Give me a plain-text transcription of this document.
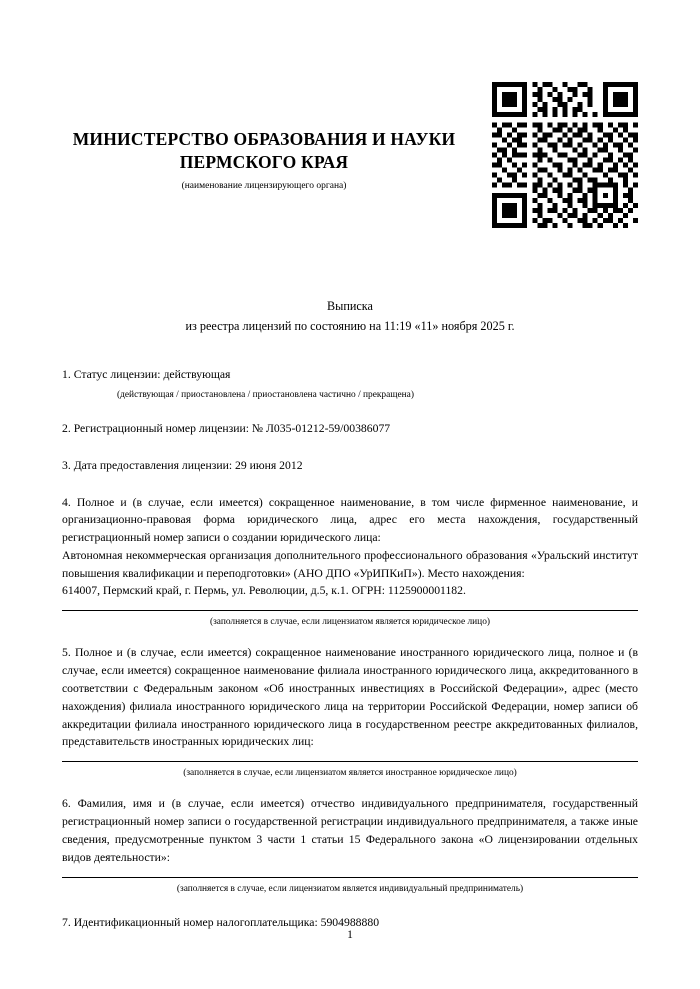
МИНИСТЕРСТВО ОБРАЗОВАНИЯ И НАУКИ
ПЕРМСКОГО КРАЯ
(наименование лицензирующего органа)
Выписка
из реестра лицензий по состоянию на 11:19 «11» ноября 2025 г.

1. Статус лицензии: действующая

(действующая / приостановлена / приостановлена частично / прекращена)

2. Регистрационный номер лицензии: № Л035-01212-59/00386077

3. Дата предоставления лицензии: 29 июня 2012

4. Полное и (в случае, если имеется) сокращенное наименование, в том числе фирменное наименование, и организационно-правовая форма юридического лица, адрес его места нахождения, государственный регистрационный номер записи о создании юридического лица:

Автономная некоммерческая организация дополнительного профессионального образования «Уральский институт повышения квалификации и переподготовки» (АНО ДПО «УрИПКиП»). Место нахождения:

614007, Пермский край, г. Пермь, ул. Революции, д.5, к.1. ОГРН: 1125900001182.

(заполняется в случае, если лицензиатом является юридическое лицо)

5. Полное и (в случае, если имеется) сокращенное наименование иностранного юридического лица, полное и (в случае, если имеется) сокращенное наименование филиала иностранного юридического лица, аккредитованного в соответствии с Федеральным законом «Об иностранных инвестициях в Российской Федерации», адрес (место нахождения) филиала иностранного юридического лица на территории Российской Федерации, номер записи об аккредитации филиала иностранного юридического лица в государственном реестре аккредитованных филиалов, представительств иностранных юридических лиц:

(заполняется в случае, если лицензиатом является иностранное юридическое лицо)

6. Фамилия, имя и (в случае, если имеется) отчество индивидуального предпринимателя, государственный регистрационный номер записи о государственной регистрации индивидуального предпринимателя, а также иные сведения, предусмотренные пунктом 3 части 1 статьи 15 Федерального закона «О лицензировании отдельных видов деятельности»:

(заполняется в случае, если лицензиатом является индивидуальный предприниматель)

7. Идентификационный номер налогоплательщика: 5904988880

1
